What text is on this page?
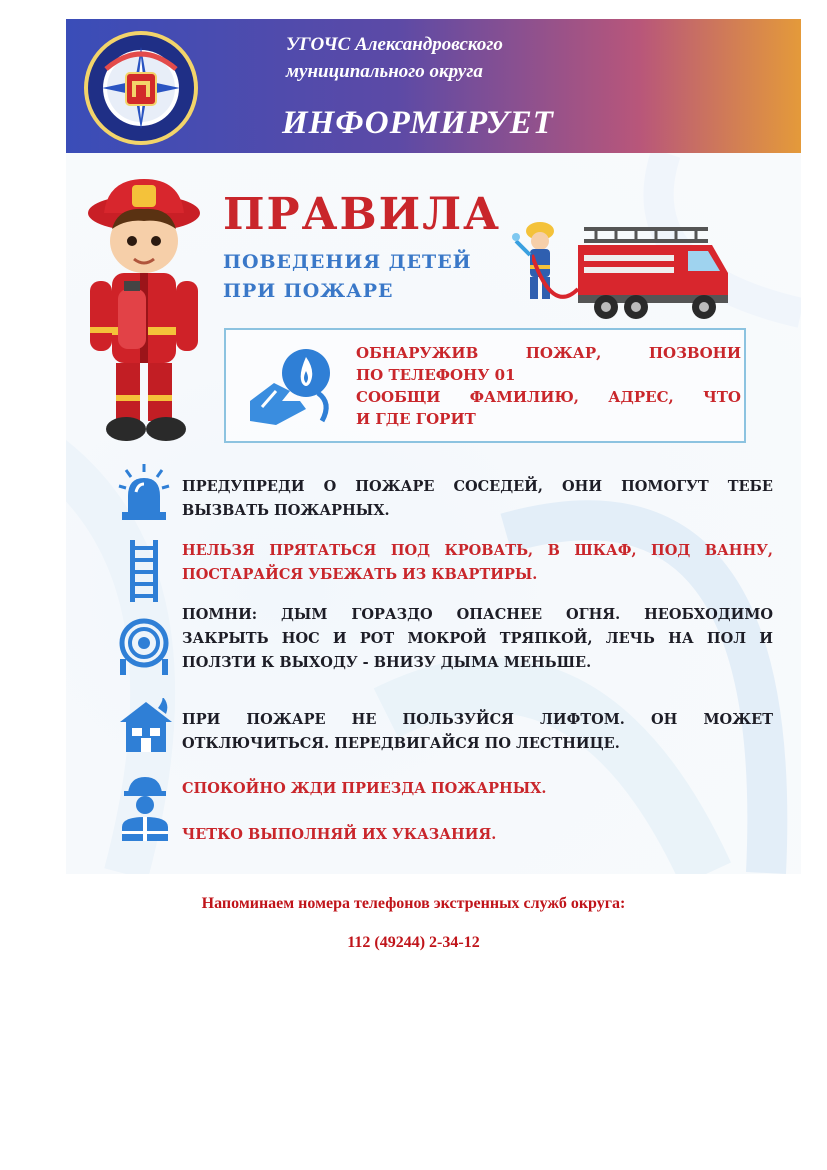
УГОЧС Александровского
муниципального округа
ИНФОРМИРУЕТ
ПРАВИЛА
ПОВЕДЕНИЯ ДЕТЕЙ
ПРИ ПОЖАРЕ
ОБНАРУЖИВ ПОЖАР, ПОЗВОНИ
ПО ТЕЛЕФОНУ 01
СООБЩИ ФАМИЛИЮ, АДРЕС, ЧТО
И ГДЕ ГОРИТ
ПРЕДУПРЕДИ О ПОЖАРЕ СОСЕДЕЙ, ОНИ ПОМОГУТ ТЕБЕ
ВЫЗВАТЬ ПОЖАРНЫХ.
НЕЛЬЗЯ ПРЯТАТЬСЯ ПОД КРОВАТЬ, В ШКАФ, ПОД ВАННУ,
ПОСТАРАЙСЯ УБЕЖАТЬ ИЗ КВАРТИРЫ.
ПОМНИ: ДЫМ ГОРАЗДО ОПАСНЕЕ ОГНЯ. НЕОБХОДИМО
ЗАКРЫТЬ НОС И РОТ МОКРОЙ ТРЯПКОЙ, ЛЕЧЬ НА ПОЛ И
ПОЛЗТИ К ВЫХОДУ - ВНИЗУ ДЫМА МЕНЬШЕ.
ПРИ ПОЖАРЕ НЕ ПОЛЬЗУЙСЯ ЛИФТОМ. ОН МОЖЕТ
ОТКЛЮЧИТЬСЯ. ПЕРЕДВИГАЙСЯ ПО ЛЕСТНИЦЕ.
СПОКОЙНО ЖДИ ПРИЕЗДА ПОЖАРНЫХ.
ЧЕТКО ВЫПОЛНЯЙ ИХ УКАЗАНИЯ.
Напоминаем номера телефонов экстренных служб округа:
112 (49244) 2-34-12
